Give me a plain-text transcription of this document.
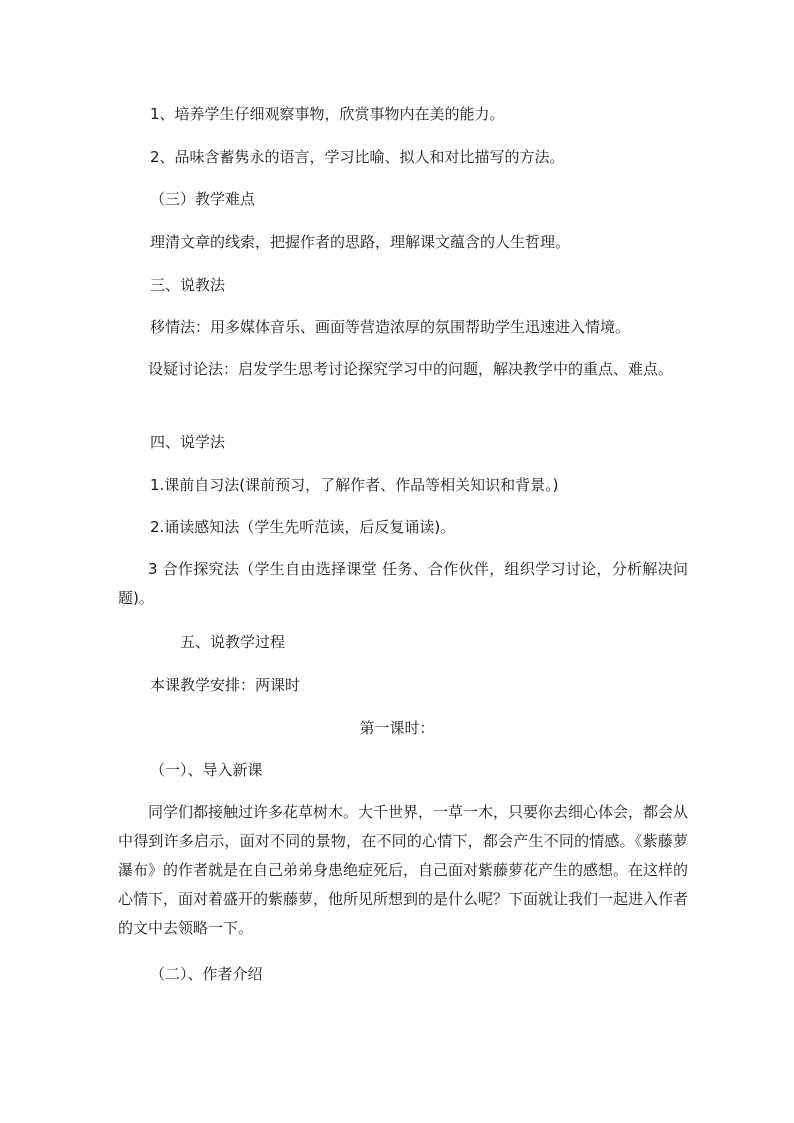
1、培养学生仔细观察事物，欣赏事物内在美的能力。

2、品味含蓄隽永的语言，学习比喻、拟人和对比描写的方法。

（三）教学难点

理清文章的线索，把握作者的思路，理解课文蕴含的人生哲理。

三、说教法

移情法：用多媒体音乐、画面等营造浓厚的氛围帮助学生迅速进入情境。

设疑讨论法：启发学生思考讨论探究学习中的问题，解决教学中的重点、难点。

四、说学法

1.课前自习法(课前预习，了解作者、作品等相关知识和背景。)

2.诵读感知法（学生先听范读，后反复诵读)。

3 合作探究法（学生自由选择课堂 任务、合作伙伴，组织学习讨论，分析解决问题)。

五、说教学过程

本课教学安排：两课时

第一课时：

（一）、导入新课

同学们都接触过许多花草树木。大千世界，一草一木，只要你去细心体会，都会从中得到许多启示，面对不同的景物，在不同的心情下，都会产生不同的情感。《紫藤萝瀑布》的作者就是在自己弟弟身患绝症死后，自己面对紫藤萝花产生的感想。在这样的心情下，面对着盛开的紫藤萝，他所见所想到的是什么呢？下面就让我们一起进入作者的文中去领略一下。

（二）、作者介绍
